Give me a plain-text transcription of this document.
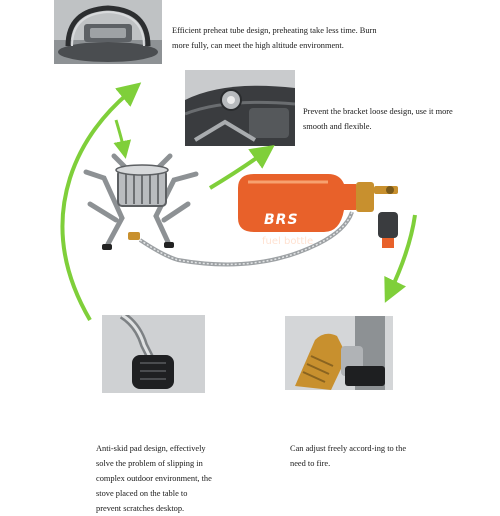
Efficient preheat tube design, preheating take less time. Burn more fully, can meet the high altitude environment.
Prevent the bracket loose design, use it more smooth and flexible.
BRS
fuel bottle
Anti-skid pad design, effectively solve the problem of slipping in complex outdoor environment, the stove placed on the table to prevent scratches desktop.
Can adjust freely accord-ing to the need to fire.
